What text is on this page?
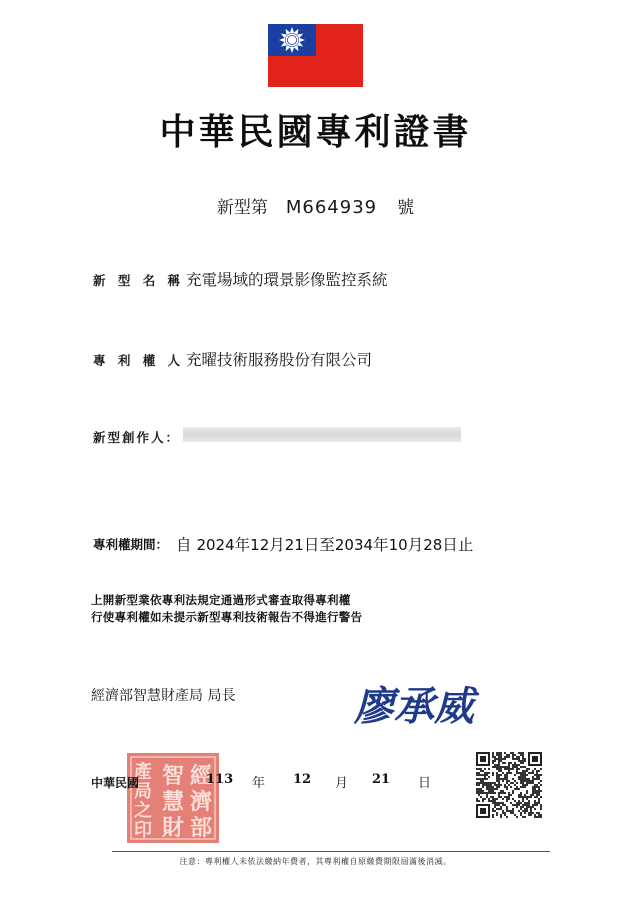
中華民國專利證書
新型第 M664939 號
新 型 名 稱 ：
充電場域的環景影像監控系統
專 利 權 人 ：
充曜技術服務股份有限公司
新型創作人：
專利權期間： 自 2024年12月21日至2034年10月28日止
上開新型業依專利法規定通過形式審查取得專利權
行使專利權如未提示新型專利技術報告不得進行警告
經濟部智慧財產局 局長	廖承威
經
濟
部
智
慧
財
產
局
之
印
中華民國	113 年 12 月 21 日
注意：專利權人未依法繳納年費者，其專利權自原繳費期限屆滿後消滅。
